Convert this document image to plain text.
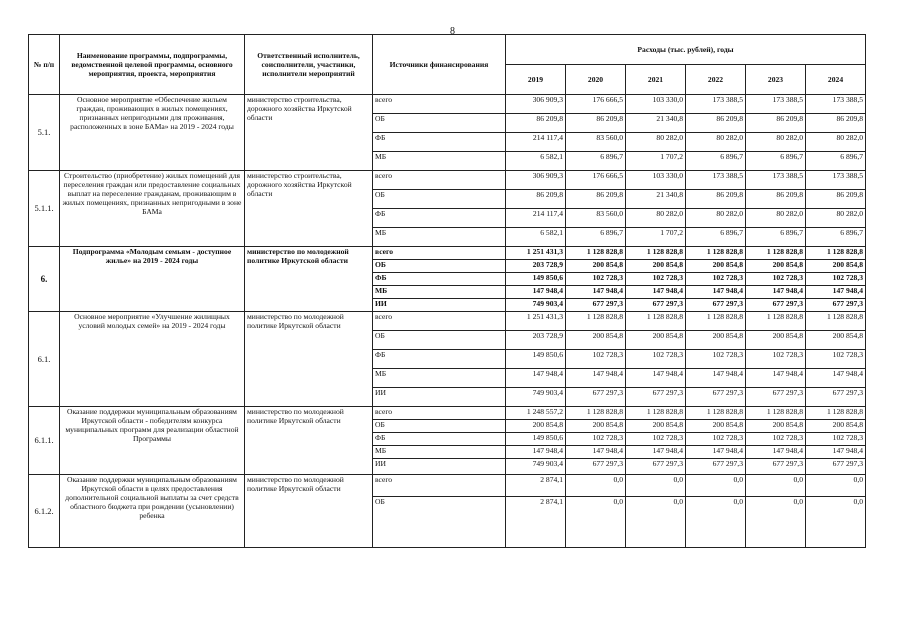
8
№ п/п	Наименование программы, подпрограммы, ведомственной целевой программы, основного мероприятия, проекта, мероприятия	Ответственный исполнитель, соисполнители, участники, исполнители мероприятий	Источники финансирования	Расходы (тыс. рублей), годы					
				2019	2020	2021	2022	2023	2024
5.1.	Основное мероприятие «Обеспечение жильем граждан, проживающих в жилых помещениях, признанных непригодными для проживания, расположенных в зоне БАМа» на 2019 - 2024 годы	министерство строительства, дорожного хозяйства Иркутской области	всего	306 909,3	176 666,5	103 330,0	173 388,5	173 388,5	173 388,5
			ОБ	86 209,8	86 209,8	21 340,8	86 209,8	86 209,8	86 209,8
			ФБ	214 117,4	83 560,0	80 282,0	80 282,0	80 282,0	80 282,0
			МБ	6 582,1	6 896,7	1 707,2	6 896,7	6 896,7	6 896,7
5.1.1.	Строительство (приобретение) жилых помещений для переселения граждан или предоставление социальных выплат на переселение гражданам, проживающим в жилых помещениях, признанных непригодными в зоне БАМа	министерство строительства, дорожного хозяйства Иркутской области	всего	306 909,3	176 666,5	103 330,0	173 388,5	173 388,5	173 388,5
			ОБ	86 209,8	86 209,8	21 340,8	86 209,8	86 209,8	86 209,8
			ФБ	214 117,4	83 560,0	80 282,0	80 282,0	80 282,0	80 282,0
			МБ	6 582,1	6 896,7	1 707,2	6 896,7	6 896,7	6 896,7
6.	Подпрограмма «Молодым семьям - доступное жилье» на 2019 - 2024 годы	министерство по молодежной политике Иркутской области	всего	1 251 431,3	1 128 828,8	1 128 828,8	1 128 828,8	1 128 828,8	1 128 828,8
			ОБ	203 728,9	200 854,8	200 854,8	200 854,8	200 854,8	200 854,8
			ФБ	149 850,6	102 728,3	102 728,3	102 728,3	102 728,3	102 728,3
			МБ	147 948,4	147 948,4	147 948,4	147 948,4	147 948,4	147 948,4
			ИИ	749 903,4	677 297,3	677 297,3	677 297,3	677 297,3	677 297,3
6.1.	Основное мероприятие «Улучшение жилищных условий молодых семей» на 2019 - 2024 годы	министерство по молодежной политике Иркутской области	всего	1 251 431,3	1 128 828,8	1 128 828,8	1 128 828,8	1 128 828,8	1 128 828,8
			ОБ	203 728,9	200 854,8	200 854,8	200 854,8	200 854,8	200 854,8
			ФБ	149 850,6	102 728,3	102 728,3	102 728,3	102 728,3	102 728,3
			МБ	147 948,4	147 948,4	147 948,4	147 948,4	147 948,4	147 948,4
			ИИ	749 903,4	677 297,3	677 297,3	677 297,3	677 297,3	677 297,3
6.1.1.	Оказание поддержки муниципальным образованиям Иркутской области - победителям конкурса муниципальных программ для реализации областной Программы	министерство по молодежной политике Иркутской области	всего	1 248 557,2	1 128 828,8	1 128 828,8	1 128 828,8	1 128 828,8	1 128 828,8
			ОБ	200 854,8	200 854,8	200 854,8	200 854,8	200 854,8	200 854,8
			ФБ	149 850,6	102 728,3	102 728,3	102 728,3	102 728,3	102 728,3
			МБ	147 948,4	147 948,4	147 948,4	147 948,4	147 948,4	147 948,4
			ИИ	749 903,4	677 297,3	677 297,3	677 297,3	677 297,3	677 297,3
6.1.2.	Оказание поддержки муниципальным образованиям Иркутской области в целях предоставления дополнительной социальной выплаты за счет средств областного бюджета при рождении (усыновлении) ребенка	министерство по молодежной политике Иркутской области	всего	2 874,1	0,0	0,0	0,0	0,0	0,0
			ОБ	2 874,1	0,0	0,0	0,0	0,0	0,0
